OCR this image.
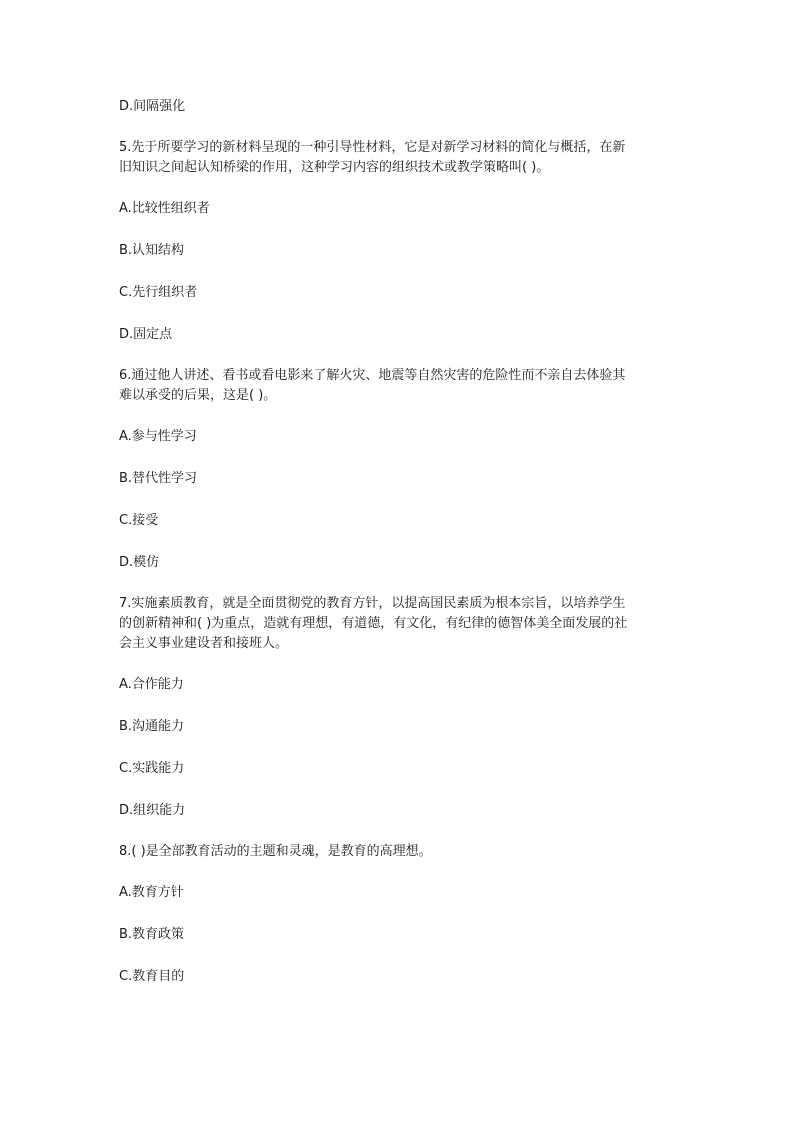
D.间隔强化

5.先于所要学习的新材料呈现的一种引导性材料，它是对新学习材料的简化与概括，在新

旧知识之间起认知桥梁的作用，这种学习内容的组织技术或教学策略叫( )。

A.比较性组织者

B.认知结构

C.先行组织者

D.固定点

6.通过他人讲述、看书或看电影来了解火灾、地震等自然灾害的危险性而不亲自去体验其

难以承受的后果，这是( )。

A.参与性学习

B.替代性学习

C.接受

D.模仿

7.实施素质教育，就是全面贯彻党的教育方针，以提高国民素质为根本宗旨，以培养学生

的创新精神和( )为重点，造就有理想，有道德，有文化，有纪律的德智体美全面发展的社

会主义事业建设者和接班人。

A.合作能力

B.沟通能力

C.实践能力

D.组织能力

8.( )是全部教育活动的主题和灵魂，是教育的高理想。

A.教育方针

B.教育政策

C.教育目的
